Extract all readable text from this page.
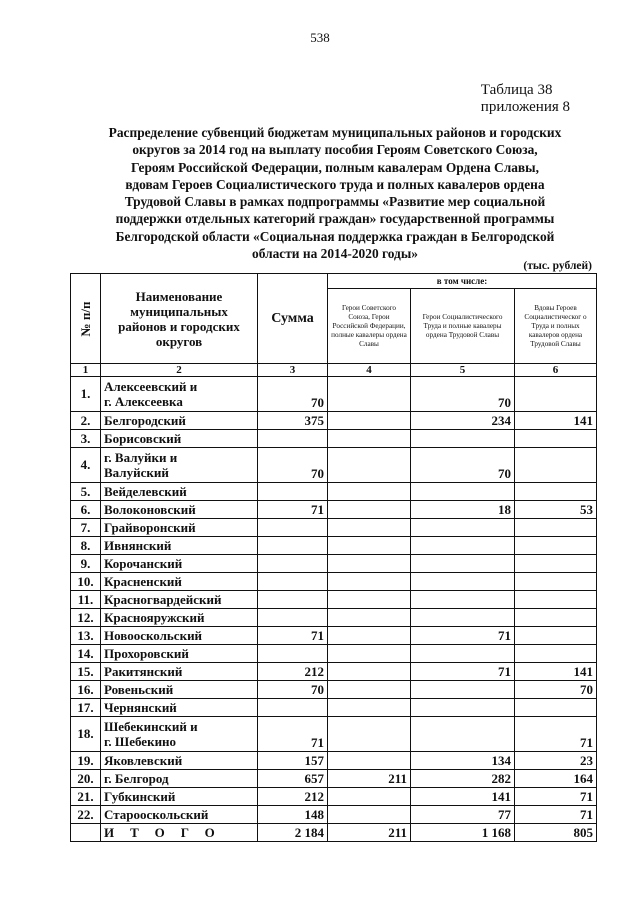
538
Таблица 38
приложения 8
Распределение субвенций бюджетам муниципальных районов и городских
округов за 2014 год на выплату пособия Героям Советского Союза,
Героям Российской Федерации, полным кавалерам Ордена Славы,
вдовам Героев Социалистического труда и полных кавалеров ордена
Трудовой Славы в рамках подпрограммы «Развитие мер социальной
поддержки отдельных категорий граждан» государственной программы
Белгородской области «Социальная поддержка граждан в Белгородской
области на 2014-2020 годы»
(тыс. рублей)
№ п/п	Наименование
муниципальных
районов и городских
округов	Сумма	в том числе:		
			Герои Советского Союза, Герои Российской Федерации, полные кавалеры ордена Славы	Герои Социалистического Труда и полные кавалеры ордена Трудовой Славы	Вдовы Героев Социалистическог о Труда и полных кавалеров ордена Трудовой Славы
1	2	3	4	5	6
1.	Алексеевский и
г. Алексеевка	70		70	
2.	Белгородский	375		234	141
3.	Борисовский				
4.	г. Валуйки и
Валуйский	70		70	
5.	Вейделевский				
6.	Волоконовский	71		18	53
7.	Грайворонский				
8.	Ивнянский				
9.	Корочанский				
10.	Красненский				
11.	Красногвардейский				
12.	Краснояружский				
13.	Новооскольский	71		71	
14.	Прохоровский				
15.	Ракитянский	212		71	141
16.	Ровеньский	70			70
17.	Чернянский				
18.	Шебекинский и
г. Шебекино	71			71
19.	Яковлевский	157		134	23
20.	г. Белгород	657	211	282	164
21.	Губкинский	212		141	71
22.	Старооскольский	148		77	71
	ИТОГО	2 184	211	1 168	805
